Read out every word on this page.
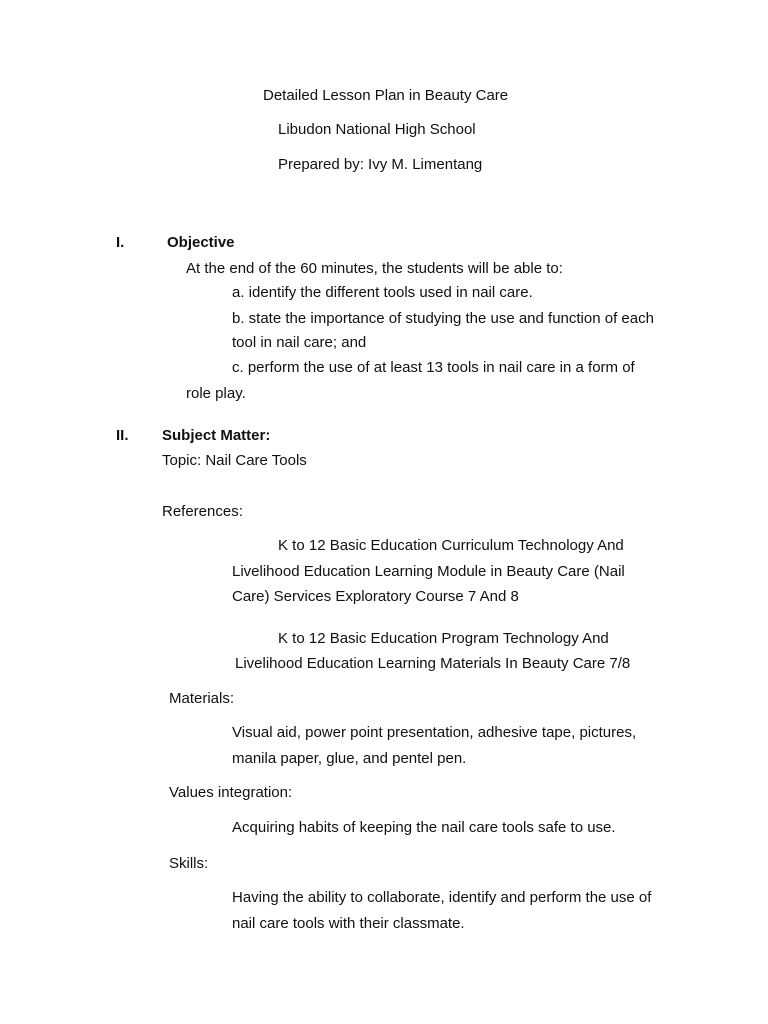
Detailed Lesson Plan in Beauty Care
Libudon National High School
Prepared by: Ivy M. Limentang
I.	Objective
At the end of the 60 minutes, the students will be able to:
a. identify the different tools used in nail care.
b. state the importance of studying the use and function of each
tool in nail care; and
c. perform the use of at least 13 tools in nail care in a form of
role play.
II. Subject Matter:
Topic: Nail Care Tools
References:
K to 12 Basic Education Curriculum Technology And
Livelihood Education Learning Module in Beauty Care (Nail
Care) Services Exploratory Course 7 And 8
K to 12 Basic Education Program Technology And
Livelihood Education Learning Materials In Beauty Care 7/8
Materials:
Visual aid, power point presentation, adhesive tape, pictures,
manila paper, glue, and pentel pen.
Values integration:
Acquiring habits of keeping the nail care tools safe to use.
Skills:
Having the ability to collaborate, identify and perform the use of
nail care tools with their classmate.
